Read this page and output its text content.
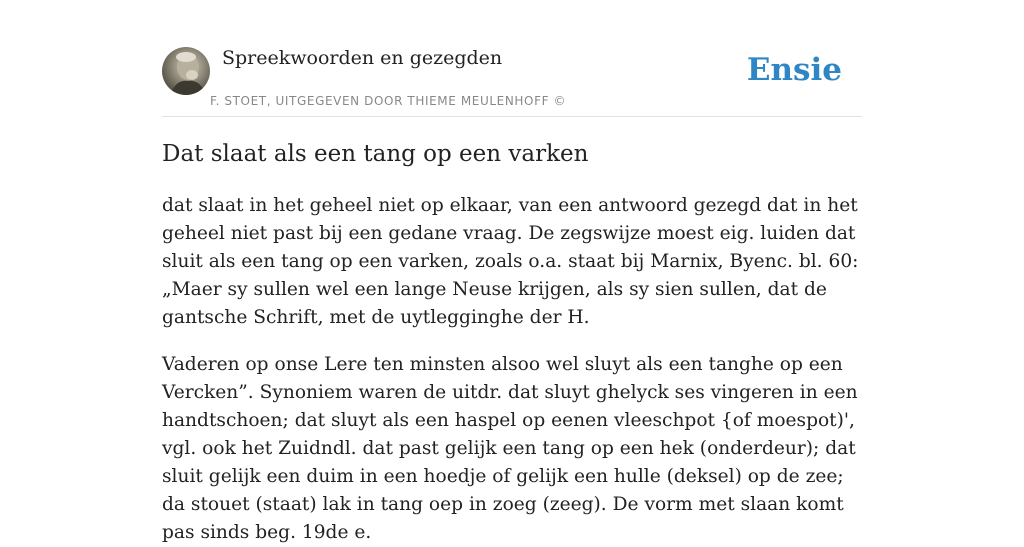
Spreekwoorden en gezegden
F. STOET, UITGEGEVEN DOOR THIEME MEULENHOFF ©
Ensie
Dat slaat als een tang op een varken

dat slaat in het geheel niet op elkaar, van een antwoord gezegd dat in het geheel niet past bij een gedane vraag. De zegswijze moest eig. luiden dat sluit als een tang op een varken, zoals o.a. staat bij Marnix, Byenc. bl. 60: „Maer sy sullen wel een lange Neuse krijgen, als sy sien sullen, dat de gantsche Schrift, met de uytlegginghe der H.

Vaderen op onse Lere ten minsten alsoo wel sluyt als een tanghe op een Vercken”. Synoniem waren de uitdr. dat sluyt ghelyck ses vingeren in een handtschoen; dat sluyt als een haspel op eenen vleeschpot {of moespot)', vgl. ook het Zuidndl. dat past gelijk een tang op een hek (onderdeur); dat sluit gelijk een duim in een hoedje of gelijk een hulle (deksel) op de zee; da stouet (staat) lak in tang oep in zoeg (zeeg). De vorm met slaan komt pas sinds beg. 19de e.
